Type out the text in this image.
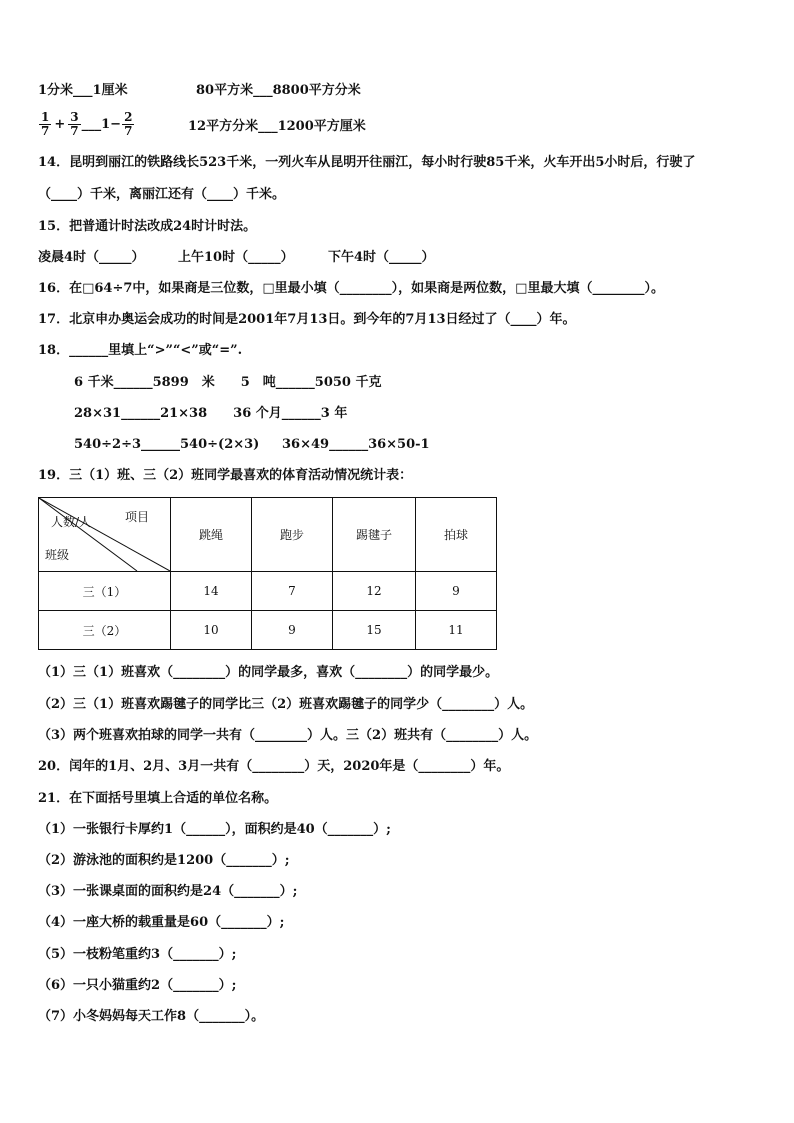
1分米___1厘米	80平方米___8800平方分米
$\frac{1}{7} + \frac{3}{7}$ ___1− $\frac{2}{7}$	12平方分米___1200平方厘米
14．昆明到丽江的铁路线长523千米，一列火车从昆明开往丽江，每小时行驶85千米，火车开出5小时后，行驶了
（____）千米，离丽江还有（____）千米。
15．把普通计时法改成24时计时法。
凌晨4时（_____）	上午10时（_____）	下午4时（_____）
16．在□64÷7中，如果商是三位数，□里最小填（________），如果商是两位数，□里最大填（________）。
17．北京申办奥运会成功的时间是2001年7月13日。到今年的7月13日经过了（____）年。
18．______里填上“>”“<”或“=”.
6 千米______5899　米　　5　吨______5050 千克
28×31______21×38　　36 个月______3 年
540÷2÷3______540÷(2×3) 36×49______36×50-1
19．三（1）班、三（2）班同学最喜欢的体育活动情况统计表：
项目
人数/人
班级	跳绳	跑步	踢毽子	拍球
三（1）	14	7	12	9
三（2）	10	9	15	11
（1）三（1）班喜欢（________）的同学最多，喜欢（________）的同学最少。
（2）三（1）班喜欢踢毽子的同学比三（2）班喜欢踢毽子的同学少（________）人。
（3）两个班喜欢拍球的同学一共有（________）人。三（2）班共有（________）人。
20．闰年的1月、2月、3月一共有（________）天，2020年是（________）年。
21．在下面括号里填上合适的单位名称。
（1）一张银行卡厚约1（______），面积约是40（_______）;
（2）游泳池的面积约是1200（_______）;
（3）一张课桌面的面积约是24（_______）;
（4）一座大桥的载重量是60（_______）;
（5）一枝粉笔重约3（_______）;
（6）一只小猫重约2（_______）;
（7）小冬妈妈每天工作8（_______）。
